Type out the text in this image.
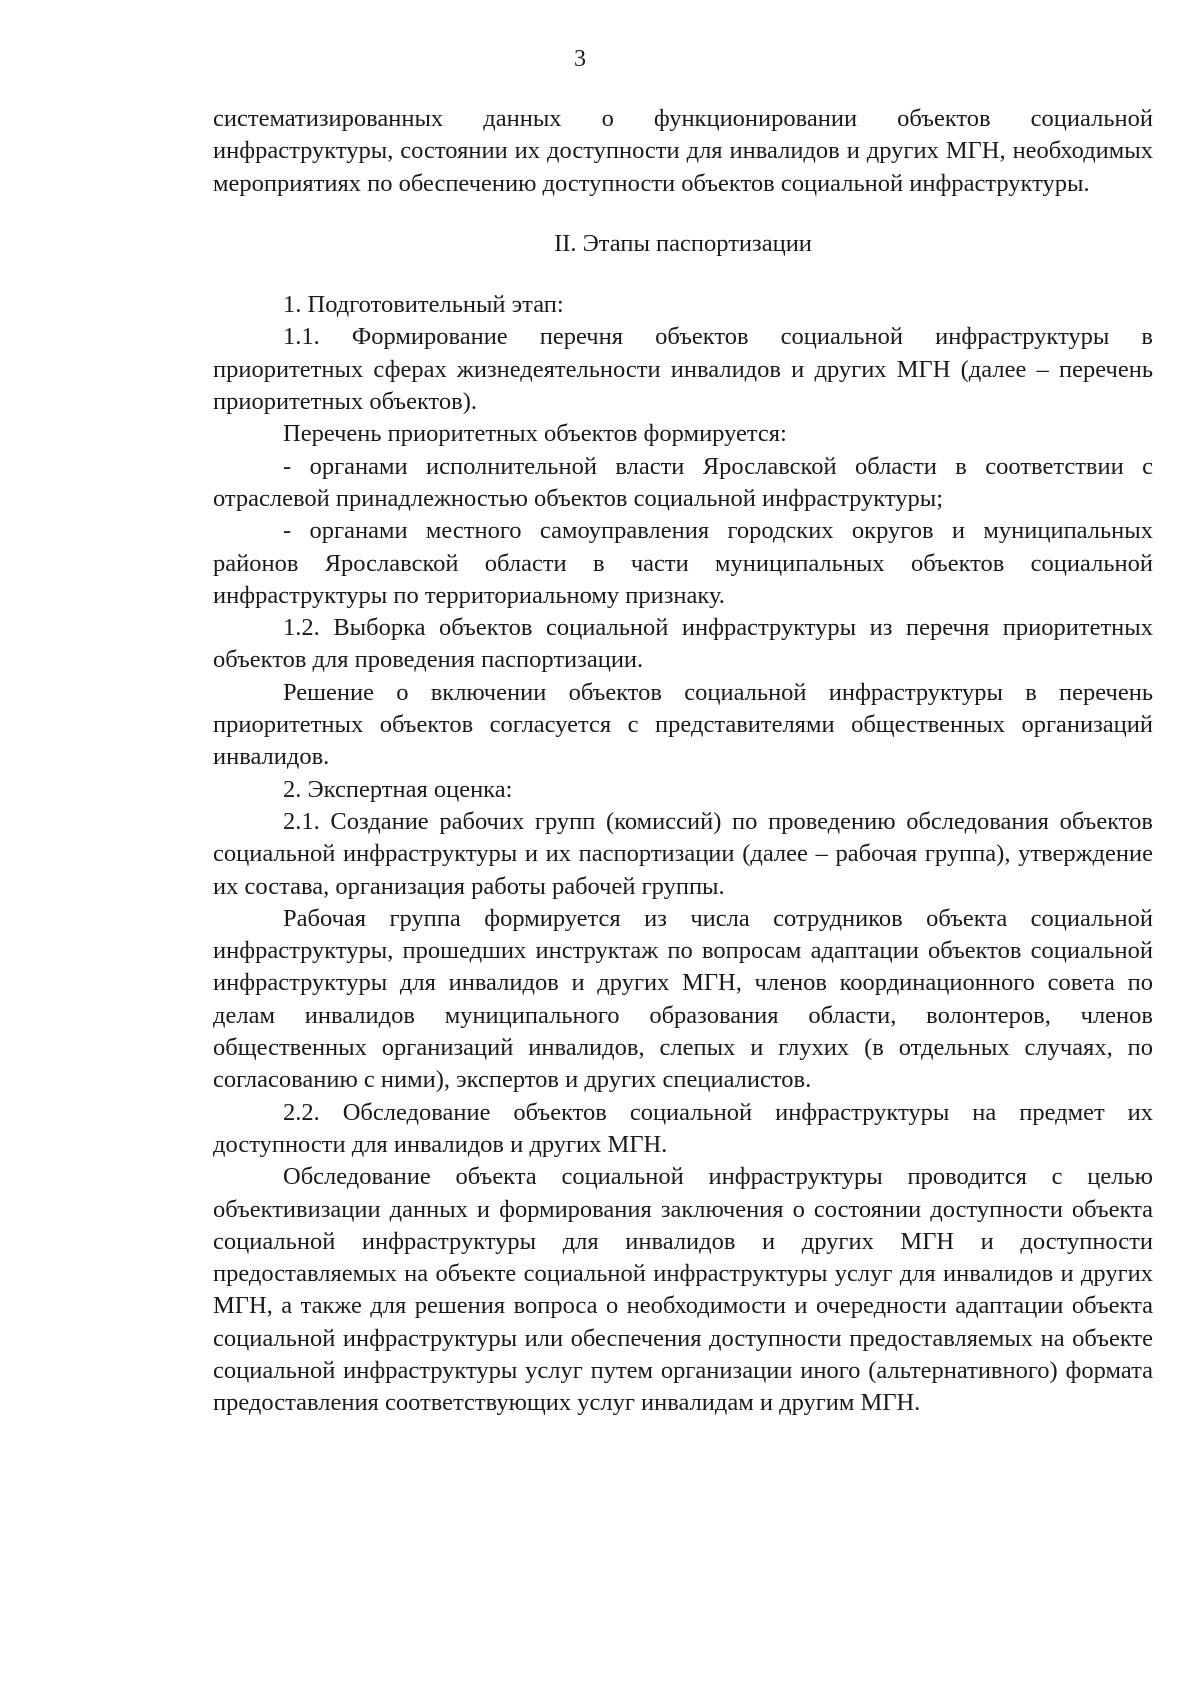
3

систематизированных данных о функционировании объектов социальной инфраструктуры, состоянии их доступности для инвалидов и других МГН, необходимых мероприятиях по обеспечению доступности объектов социальной инфраструктуры.

II. Этапы паспортизации

1. Подготовительный этап:

1.1. Формирование перечня объектов социальной инфраструктуры в приоритетных сферах жизнедеятельности инвалидов и других МГН (далее – перечень приоритетных объектов).

Перечень приоритетных объектов формируется:

- органами исполнительной власти Ярославской области в соответствии с отраслевой принадлежностью объектов социальной инфраструктуры;

- органами местного самоуправления городских округов и муниципальных районов Ярославской области в части муниципальных объектов социальной инфраструктуры по территориальному признаку.

1.2. Выборка объектов социальной инфраструктуры из перечня приоритетных объектов для проведения паспортизации.

Решение о включении объектов социальной инфраструктуры в перечень приоритетных объектов согласуется с представителями общественных организаций инвалидов.

2. Экспертная оценка:

2.1. Создание рабочих групп (комиссий) по проведению обследования объектов социальной инфраструктуры и их паспортизации (далее – рабочая группа), утверждение их состава, организация работы рабочей группы.

Рабочая группа формируется из числа сотрудников объекта социальной инфраструктуры, прошедших инструктаж по вопросам адаптации объектов социальной инфраструктуры для инвалидов и других МГН, членов координационного совета по делам инвалидов муниципального образования области, волонтеров, членов общественных организаций инвалидов, слепых и глухих (в отдельных случаях, по согласованию с ними), экспертов и других специалистов.

2.2. Обследование объектов социальной инфраструктуры на предмет их доступности для инвалидов и других МГН.

Обследование объекта социальной инфраструктуры проводится с целью объективизации данных и формирования заключения о состоянии доступности объекта социальной инфраструктуры для инвалидов и других МГН и доступности предоставляемых на объекте социальной инфраструктуры услуг для инвалидов и других МГН, а также для решения вопроса о необходимости и очередности адаптации объекта социальной инфраструктуры или обеспечения доступности предоставляемых на объекте социальной инфраструктуры услуг путем организации иного (альтернативного) формата предоставления соответствующих услуг инвалидам и другим МГН.
